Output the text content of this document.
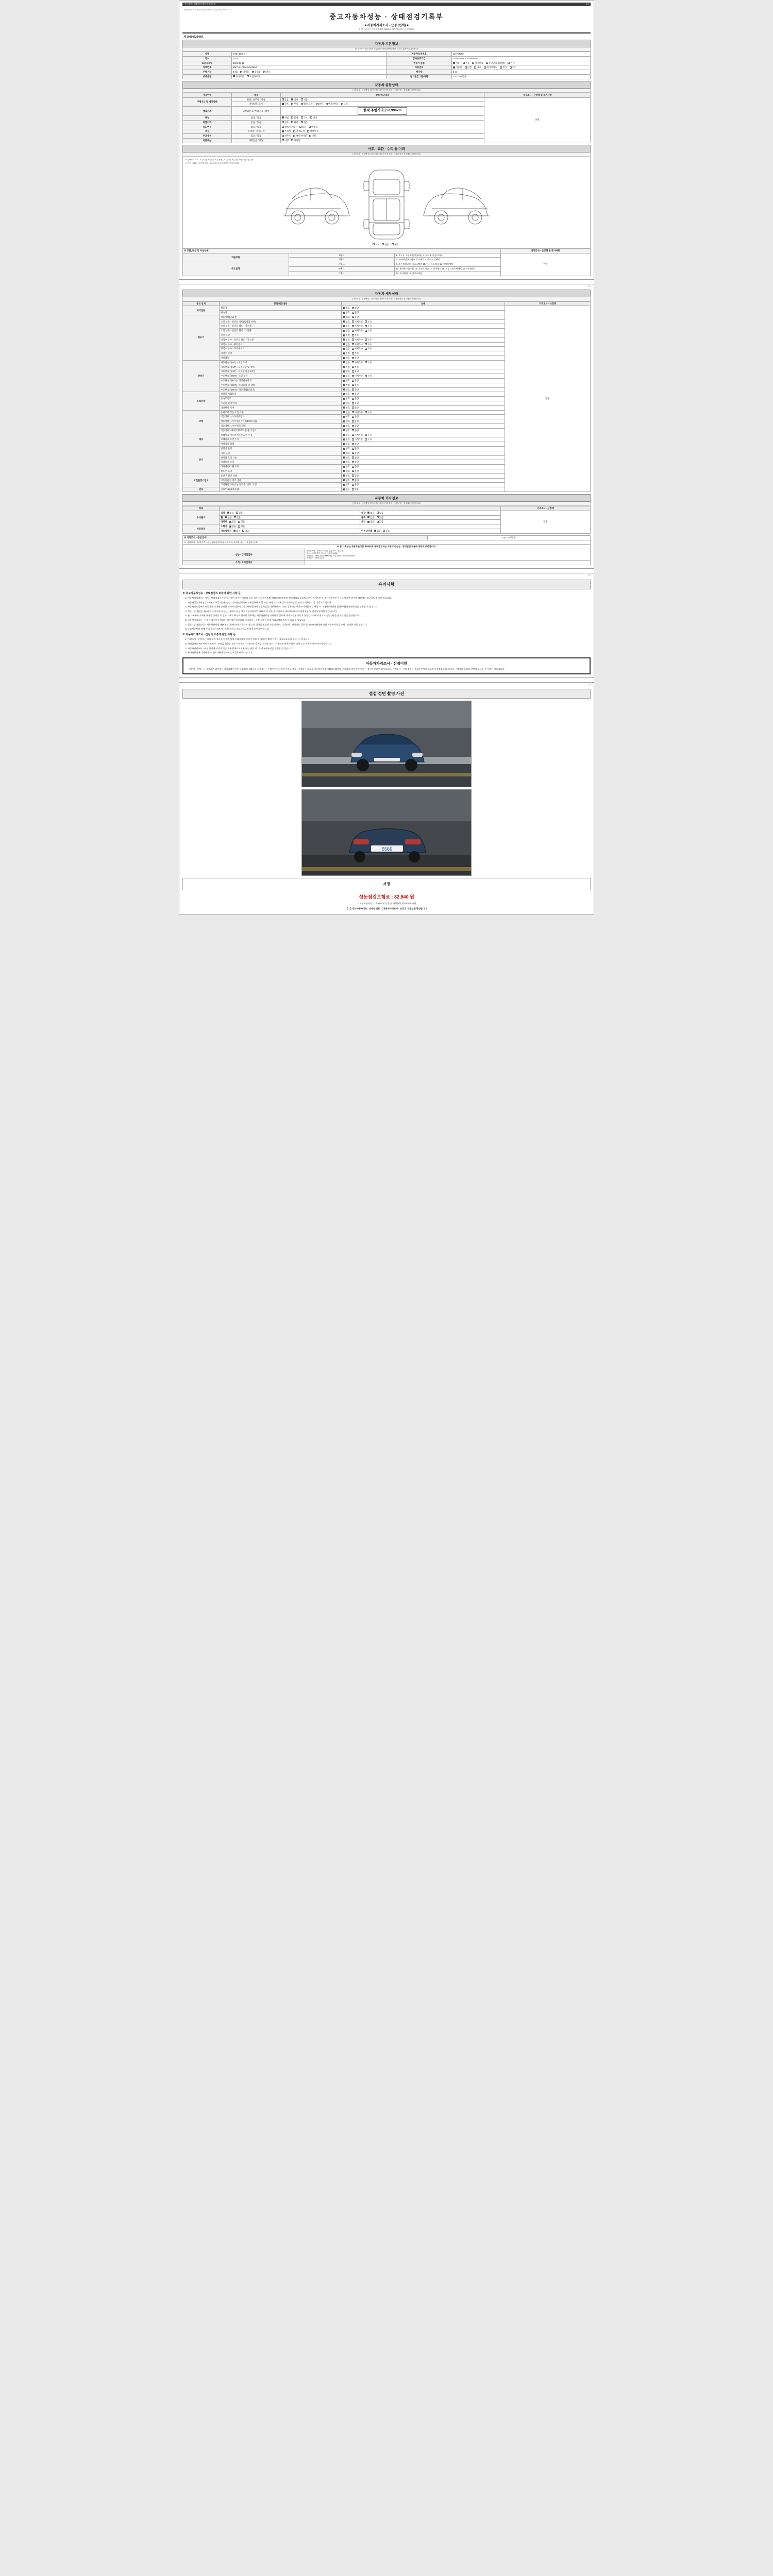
자동차성능상태점검기록부 발급시스템	1/4
자동차관리법 시행규칙 [별지 제82호서식] <개정 2021.1.4.>
중고자동차성능 · 상태점검기록부
■ 자동차가격조사 · 산정 (선택) ■
※ 이 기록부는 자동차관리법 제58조에 따라 발급되는 서류입니다.
제 2026062649호
자동차 기본정보
(가격조사 · 기준가격은 특수(신차 제외)차량에 한함, 국토부 홈페이지 자료참고)
차명	G70 (4WD일 ›	자동차등록번호	110서2066
연식	2021	검사유효기간	2025-09-16 ~ 2026-09-14
최초등록일	2021-09-15	변속기 종류	자동 수동 세미오토 무단변속기(CVT) 기타
차대번호	KMTK31CDMJU042664	사용연료	가솔린 디젤 LPG 하이브리드 전기 수소
주행거리	0 km 대여용 영업용 관용	배기량	0 cc
보증유형	자가보증 보험사보증	정기점검 기준가액	0 0 0 0 0 만원
자동차 종합상태
(가격조사 · 산정액 및 특기사항은 자동차가격조사 · 산정을 받는 경우에만 기재합니다)
사용이력	내용	항목/해당내용	가격조사 · 산정액 및 특기사항
주행거리 및 계기상태	변경 / 실주행 / 정상	많음 적정 적음	만원
	차대번호 표기	양호 부식 훼손(오손) 상이 변조(변타) 도말	
배출가스	일산화탄소 / 탄화수소 / 매연	현재 주행거리 | 52,999km	
튜닝	없음 / 있음	적법 불법 구조 장치	
특별이력	없음 / 있음	침수 화재 전손	
용도변경	없음 / 있음	렌트(대여용) 리스 영업용	
색상	무채색 / 전체도색	무채색 전체도색 색상변경	
주요옵션	없음 / 있음	선루프 내비게이션 기타	
리콜대상	해당없음 / 해당	이행 미이행	
사고 · 교환 · 수리 등 이력
(가격조사 · 산정액 및 특기사항은 자동차가격조사 · 산정을 받는 경우에만 기재합니다)
※ 상태표시 부호 : X (교환), W (판금 또는 용접), C (부식), A (흠집), U (요철), T (손상)
※ 하단 상태표시 항목별 기준(주요골재, 기타 주체부품 상태에 따라)
교환 판금 용접
※ 교환, 판금 등 이상부위			가격조사 · 산정액 및 특기사항
외판부위	1랭크	1. 후드 2. 프론트펜더(좌/우) 3. 도어 4. 트렁크리드	만원
	2랭크	5. 쿼터패널(좌/우) 6. 루프패널 7. 사이드실패널	
주요골격	A랭크	8. 프론트패널 9. 크로스멤버 10. 인사이드패널 11. 사이드멤버	
	B랭크	12. 휠하우스(좌/우) 13. 프론트패널 14. 리어패널 15. 트렁크플로어패널 16. 리어패널	
	C랭크	17. 대쉬패널 18. 플로어패널	
2/4
자동차 세부상태
(가격조사 · 산정액 및 특기사항은 자동차가격조사 · 산정을 받는 경우에만 기재합니다)
주요 장치	항목/해당내용	상태	가격조사 · 산정액
자기진단	원동기	양호 불량	만원
	변속기	양호 불량	
원동기	작동상태(공회전)	양호 불량	
	오일 누유 - 실린더 커버(로커암 커버)	없음 미세누유 누유	
	오일 누유 - 실린더 헤드 / 가스켓	없음 미세누유 누유	
	오일 누유 - 실린더 블록 / 오일팬	없음 미세누유 누유	
	오일 유량	적정 부족	
	냉각수 누수 - 실린더 헤드 / 가스켓	없음 미세누수 누수	
	냉각수 누수 - 워터펌프	없음 미세누수 누수	
	냉각수 누수 - 라디에이터	없음 미세누수 누수	
	냉각수 수량	적정 부족	
	커먼레일	양호 불량	
변속기	자동변속기(A/T) - 오일 누유	없음 미세누유 누유	
	자동변속기(A/T) - 오일유량 및 상태	적정 부족	
	자동변속기(A/T) - 작동상태(공회전)	양호 불량	
	수동변속기(M/T) - 오일 누유	없음 미세누유 누유	
	수동변속기(M/T) - 기어변속장치	양호 불량	
	수동변속기(M/T) - 오일유량 및 상태	적정 부족	
	수동변속기(M/T) - 작동상태(공회전)	양호 불량	
동력전달	클러치 어셈블리	양호 불량	
	등속조인트	양호 불량	
	추진축 및 베어링	양호 불량	
	디퍼렌셜 기어	양호 불량	
조향	동력조향 작동 오일 누유	없음 미세누유 누유	
	작동상태 - 스티어링 펌프	양호 불량	
	작동상태 - 스티어링 기어(MDPS포함)	양호 불량	
	작동상태 - 스티어링조인트	양호 불량	
	작동상태 - 파워크랭크도 및 볼 조인트	양호 불량	
제동	브레이크 마스터 실린더오일 누유	없음 미세누유 누유	
	브레이크 오일 누유	없음 미세누유 누유	
	배력장치 상태	양호 불량	
전기	발전기 출력	양호 불량	
	시동 모터	양호 불량	
	와이퍼 모터 기능	양호 불량	
	실내송풍 모터	양호 불량	
	라디에이터 팬 모터	양호 불량	
	윈도우 모터	양호 불량	
고전원전기장치	충전구 절연 상태	양호 불량	
	구동축전지 격리 상태	양호 불량	
	고전원전기배선 상태(접촉, 피복, 고정)	양호 불량	
연료	연료누출(LPG포함)	없음 있음	
자동차 기타정보
(가격조사 · 산정액 및 특기사항은 자동차가격조사 · 산정을 받는 경우에만 기재합니다)
항목			가격조사 · 산정액
수리필요	외장 없음 있음	내장 없음 있음	만원
	휠 없음 있음	광택 없음 있음	
	타이어 없음 있음	유리 없음 있음	
기본품목	소화기 없음 있음		
	사용설명서 없음 있음	안전삼각대 없음 있음	
※ 가격조사 · 산정 금액		0 0 0 0 0 만원
※ 가격조사 · 산정가격 : 성능상태점검자가 자동차의 가치를 조사 · 산정한 금액		
※ 본 기록부는 자동차관리법 제58조에 따라 발급되는 서류이며 성능 · 상태점검 내용에 대하여 보증합니다.		
성능 · 상태점검자	점검업체명 : 행복한 카 점검 (주) 대표 : 홍길동
주소 : 서울특별시 강남구 테헤란로 000
전화번호 : 0000-1000-0000 사업자등록번호 : 000-00-00000
점검일자 : 1970-01-01	

가격 · 조사산정자		
3/4
유의사항
※ 중고자동차성능 · 상태점검의 보증에 관한 사항 등
1. 자동차매매업자는 성능 · 상태점검기록부에 기재된 내용이 사실과 다를 경우 자동차관리법 제58조의4에 따라 보증책임을 집니다. 다만, 천재지변 등 불가항력적인 사유로 발생한 하자에 대하여는 보증책임을 지지 않습니다.
2. 자동차성능상태점검기록부의 보증기간은 성능 · 상태점검기록부 교부일부터 30일 이상, 주행거리 2천킬로미터 이상 중 먼저 도래하는 것을 기준으로 합니다.
3. 자동차인도일부터 보증기간 이내에 발생한 하자에 대하여 자동차매매업자가 보증책임을 이행하지 아니하는 경우에는 한국소비자원 또는 관할 시 · 도(자동차민원 담당부서)에 분쟁조정을 신청할 수 있습니다.
4. 성능 · 상태점검 내용과 실제 자동차의 성능 · 상태가 다른 경우 자동차관리법 제58조 및 같은 법 시행규칙 제120조에 따라 행정처분 및 벌칙이 부과될 수 있습니다.
5. 본 기록부에 기재된 내용을 신뢰할 수 없거나 추가 확인이 필요한 경우에는 자동차관리법 시행규칙 별표에 따라 지정된 자동차 종합검사소에서 별도의 정밀진단을 받으실 것을 권장합니다.
6. 자동차가격조사 · 산정은 매수인이 원하는 경우에만 실시하며, 가격조사 · 산정 금액은 실제 거래금액과 차이가 있을 수 있습니다.
7. 성능 · 상태점검자는 자동차관리법 제58조제1항에 따라 자동차의 성능 및 상태를 점검한 자를 말하며, 가격조사 · 산정자는 같은 법 제58조제4항에 따라 자동차가격을 조사 · 산정한 자를 말합니다.
8. 중고자동차의 매매 시 자동차가격조사 · 산정 결과는 참고자료로만 활용하시기 바랍니다.
※ 자동차가격조사 · 산정의 보증에 관한 사항 등
1. 가격조사 · 산정자는 이에 따라 조사한 가격과 실제 거래가격에 차이가 있을 수 있으며, 해당 가격은 참고자료로 활용하시기 바랍니다.
2. 매매업자는 매수인이 가격조사 · 산정을 원하는 경우 가격조사 · 산정자로 하여금 가격을 조사 · 산정하게 하여야 하며 이에 드는 비용은 매수인이 부담합니다.
3. 자동차가격조사 · 산정 결과에 이의가 있는 경우 한국소비자원 또는 관할 시 · 도에 분쟁조정을 신청할 수 있습니다.
4. 특기사항란에 기재되지 아니한 사항에 대하여는 보증하지 아니합니다.
자동차가격조사 · 산정이란
「자동차 · 산정」은 시가기준 대비에서 매매업체가 아닌 중립적인 제3자 즉 가격조사 · 산정자가 자동차의 가치를 조사 · 산정하는 것으로 자동차관리법 제58조제4항에 근거하며, 매수인이 원하는 경우에 한하여 실시합니다. 가격조사 · 산정 결과는 중고자동차의 참고적 가격정보로 활용되며, 구매자의 합리적 선택에 도움을 주기 위한 제도입니다.
4/4
점검 정면 촬영 사진
5566
서명
성능점검보험료 : 82,940 원
「 자동차관리법 」 제58조 및 같은 법 시행규칙 제120조에 따라
【 1 】중고자동차성능 · 상태점 검표 【 자동차가격조사 · 산정 】 내용임을 확인합니다.
